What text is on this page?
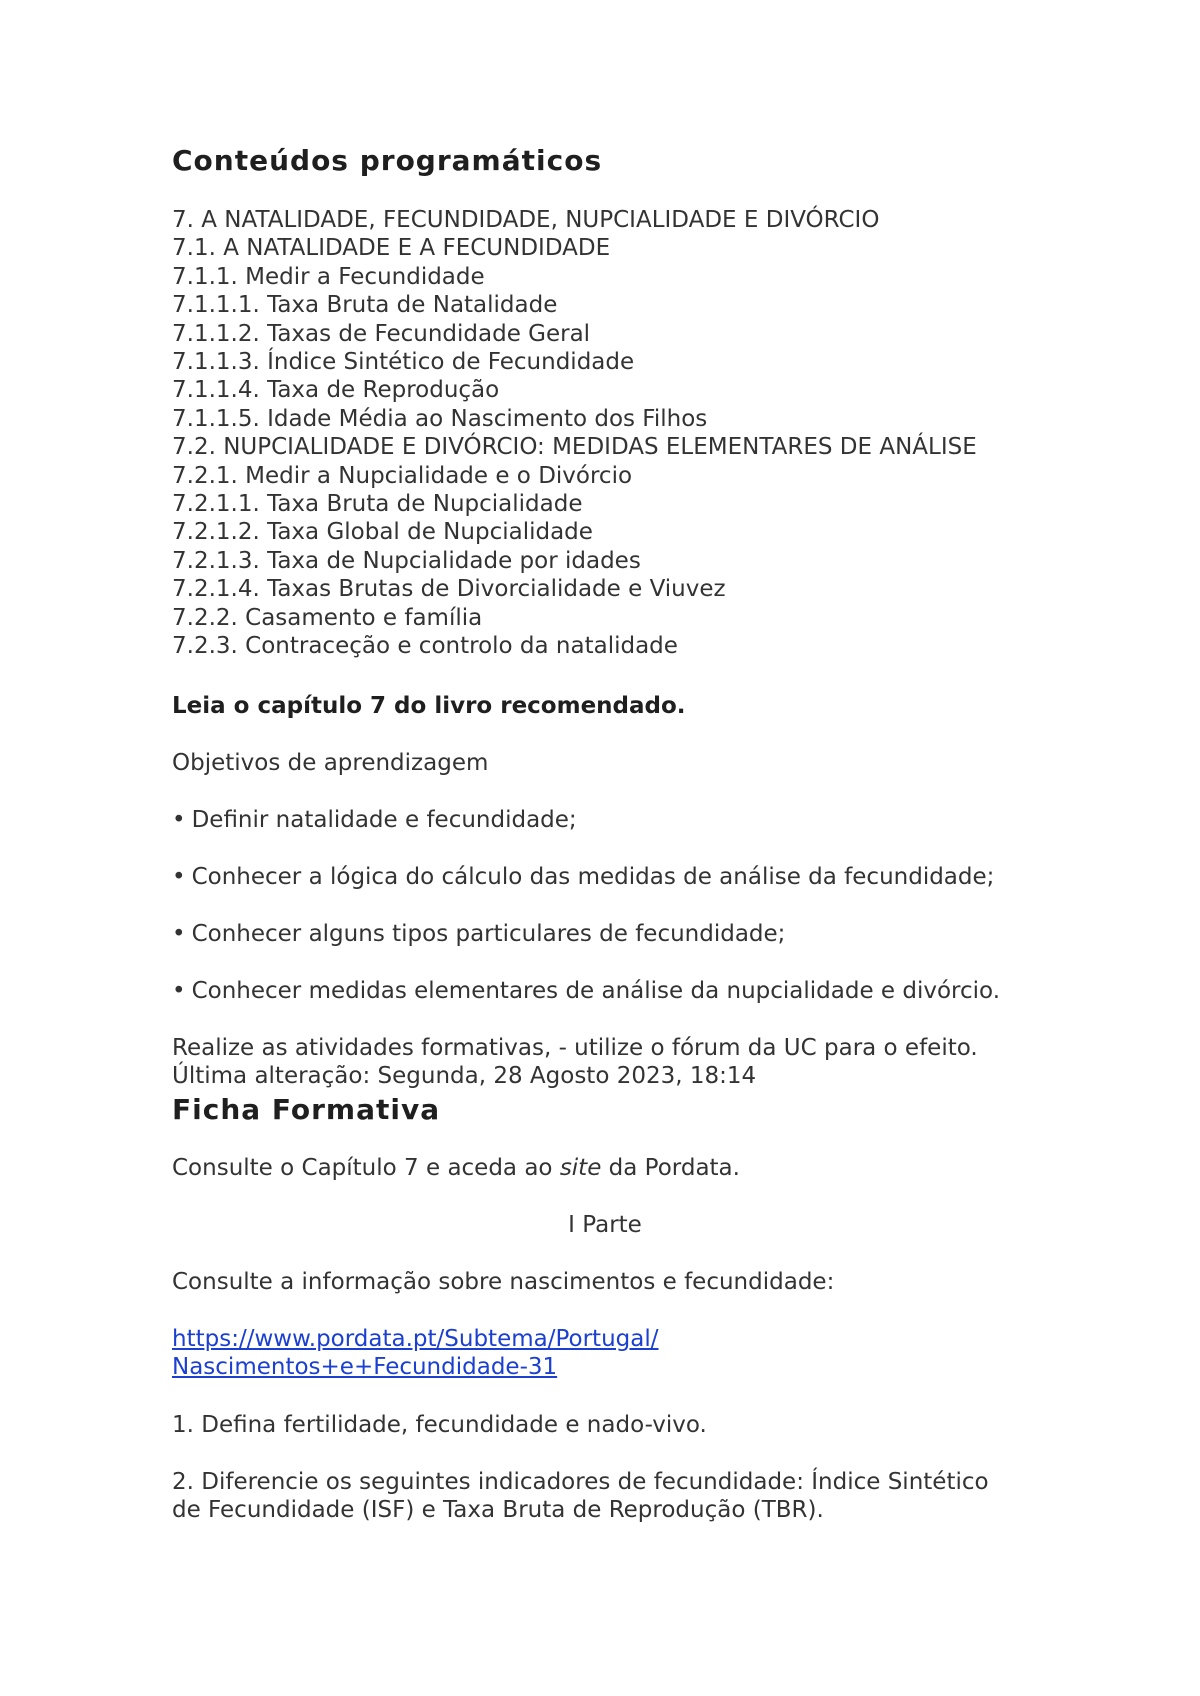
Conteúdos programáticos
7. A NATALIDADE, FECUNDIDADE, NUPCIALIDADE E DIVÓRCIO
7.1. A NATALIDADE E A FECUNDIDADE
7.1.1. Medir a Fecundidade
7.1.1.1. Taxa Bruta de Natalidade
7.1.1.2. Taxas de Fecundidade Geral
7.1.1.3. Índice Sintético de Fecundidade
7.1.1.4. Taxa de Reprodução
7.1.1.5. Idade Média ao Nascimento dos Filhos
7.2. NUPCIALIDADE E DIVÓRCIO: MEDIDAS ELEMENTARES DE ANÁLISE
7.2.1. Medir a Nupcialidade e o Divórcio
7.2.1.1. Taxa Bruta de Nupcialidade
7.2.1.2. Taxa Global de Nupcialidade
7.2.1.3. Taxa de Nupcialidade por idades
7.2.1.4. Taxas Brutas de Divorcialidade e Viuvez
7.2.2. Casamento e família
7.2.3. Contraceção e controlo da natalidade
Leia o capítulo 7 do livro recomendado.
Objetivos de aprendizagem
• Definir natalidade e fecundidade;
• Conhecer a lógica do cálculo das medidas de análise da fecundidade;
• Conhecer alguns tipos particulares de fecundidade;
• Conhecer medidas elementares de análise da nupcialidade e divórcio.
Realize as atividades formativas, - utilize o fórum da UC para o efeito.
Última alteração: Segunda, 28 Agosto 2023, 18:14
Ficha Formativa
Consulte o Capítulo 7 e aceda ao site da Pordata.
I Parte
Consulte a informação sobre nascimentos e fecundidade:
https://www.pordata.pt/Subtema/Portugal/
Nascimentos+e+Fecundidade-31
1. Defina fertilidade, fecundidade e nado-vivo.
2. Diferencie os seguintes indicadores de fecundidade: Índice Sintético
de Fecundidade (ISF) e Taxa Bruta de Reprodução (TBR).
